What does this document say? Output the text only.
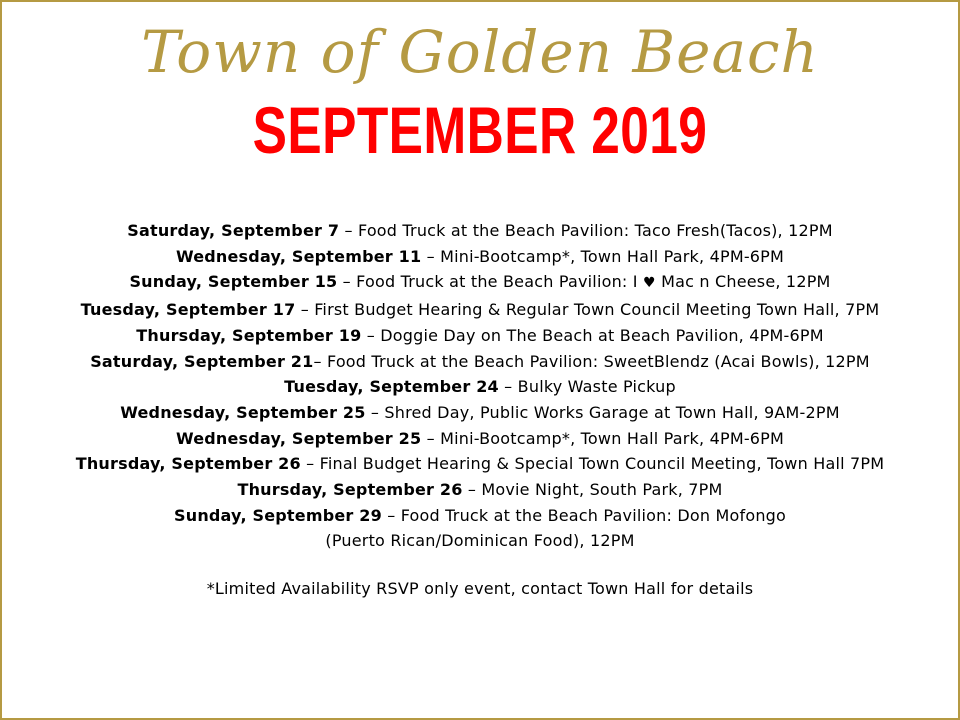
Town of Golden Beach
SEPTEMBER 2019
Saturday, September 7 – Food Truck at the Beach Pavilion: Taco Fresh(Tacos), 12PM
Wednesday, September 11 – Mini-Bootcamp*, Town Hall Park, 4PM-6PM
Sunday, September 15 – Food Truck at the Beach Pavilion: I ♥ Mac n Cheese, 12PM
Tuesday, September 17 – First Budget Hearing & Regular Town Council Meeting Town Hall, 7PM
Thursday, September 19 – Doggie Day on The Beach at Beach Pavilion, 4PM-6PM
Saturday, September 21– Food Truck at the Beach Pavilion: SweetBlendz (Acai Bowls), 12PM
Tuesday, September 24 – Bulky Waste Pickup
Wednesday, September 25 – Shred Day, Public Works Garage at Town Hall, 9AM-2PM
Wednesday, September 25 – Mini-Bootcamp*, Town Hall Park, 4PM-6PM
Thursday, September 26 – Final Budget Hearing & Special Town Council Meeting, Town Hall 7PM
Thursday, September 26 – Movie Night, South Park, 7PM
Sunday, September 29 – Food Truck at the Beach Pavilion: Don Mofongo
(Puerto Rican/Dominican Food), 12PM
*Limited Availability RSVP only event, contact Town Hall for details
